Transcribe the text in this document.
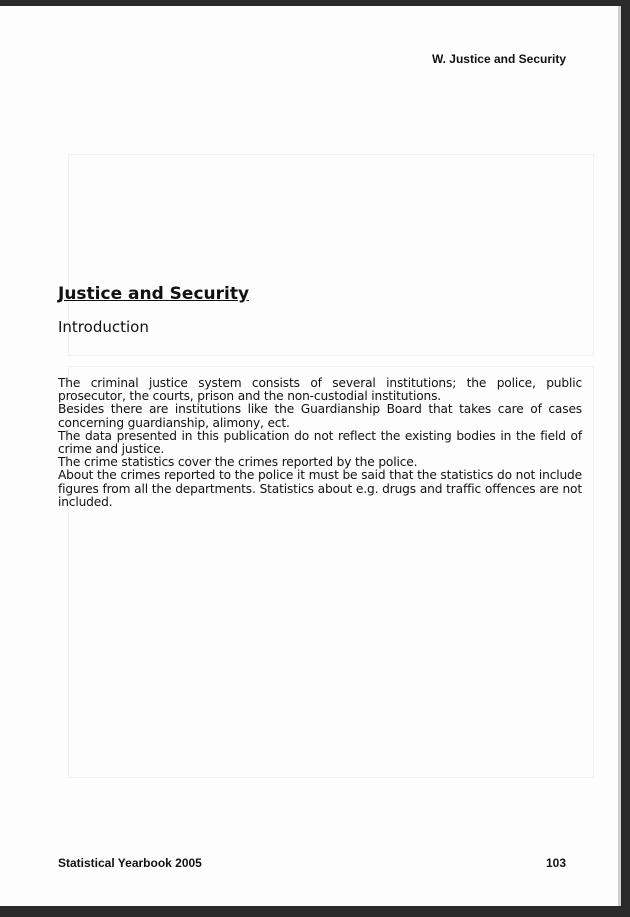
W. Justice and Security
Justice and Security
Introduction

The criminal justice system consists of several institutions; the police, public prosecutor, the courts, prison and the non-custodial institutions.

Besides there are institutions like the Guardianship Board that takes care of cases concerning guardianship, alimony, ect.

The data presented in this publication do not reflect the existing bodies in the field of crime and justice.

The crime statistics cover the crimes reported by the police.

About the crimes reported to the police it must be said that the statistics do not include figures from all the departments. Statistics about e.g. drugs and traffic offences are not included.

Statistical Yearbook 2005	103
